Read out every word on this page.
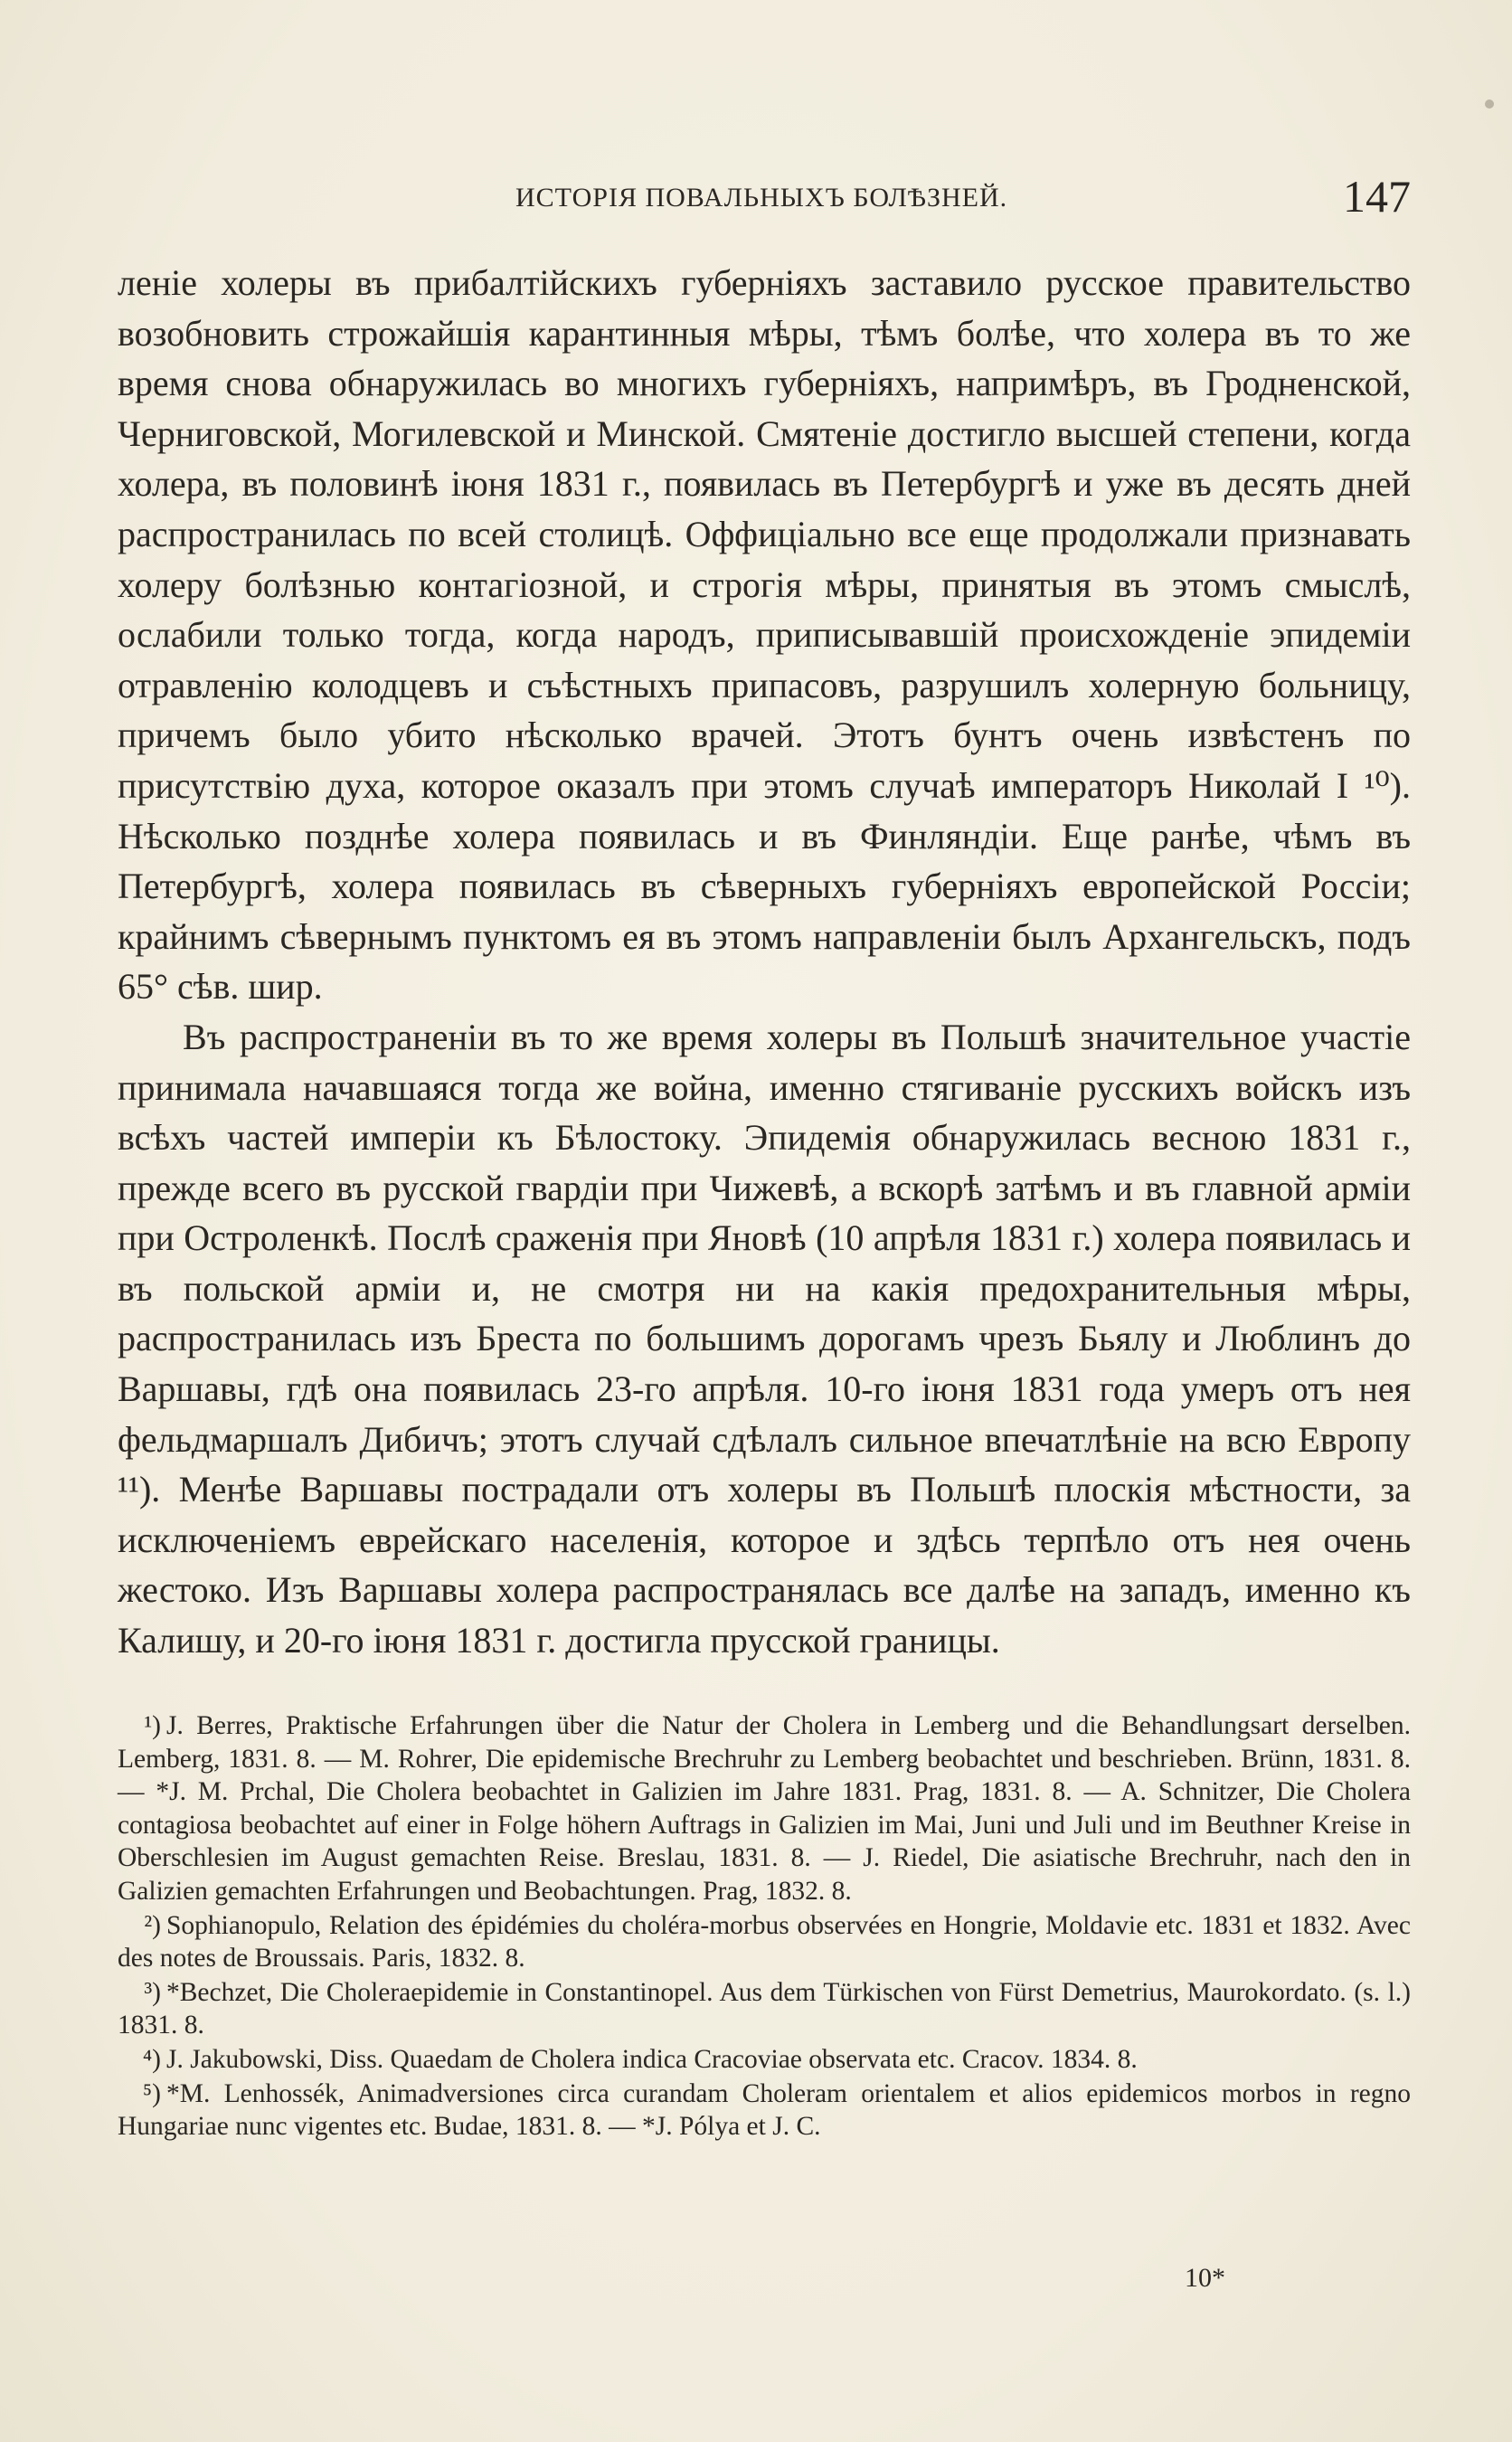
ИСТОРІЯ ПОВАЛЬНЫХЪ БОЛѢЗНЕЙ.	147

леніе холеры въ прибалтійскихъ губерніяхъ заставило русское правительство возобновить строжайшія карантинныя мѣры, тѣмъ болѣе, что холера въ то же время снова обнаружилась во многихъ губерніяхъ, напримѣръ, въ Гродненской, Черниговской, Могилевской и Минской. Смятеніе достигло высшей степени, когда холера, въ половинѣ іюня 1831 г., появилась въ Петербургѣ и уже въ десять дней распространилась по всей столицѣ. Оффиціально все еще продолжали признавать холеру болѣзнью контагіозной, и строгія мѣры, принятыя въ этомъ смыслѣ, ослабили только тогда, когда народъ, приписывавшій происхожденіе эпидеміи отравленію колодцевъ и съѣстныхъ припасовъ, разрушилъ холерную больницу, причемъ было убито нѣсколько врачей. Этотъ бунтъ очень извѣстенъ по присутствію духа, которое оказалъ при этомъ случаѣ императоръ Николай I ¹⁰). Нѣсколько позднѣе холера появилась и въ Финляндіи. Еще ранѣе, чѣмъ въ Петербургѣ, холера появилась въ сѣверныхъ губерніяхъ европейской Россіи; крайнимъ сѣвернымъ пунктомъ ея въ этомъ направленіи былъ Архангельскъ, подъ 65° сѣв. шир.

Въ распространеніи въ то же время холеры въ Польшѣ значительное участіе принимала начавшаяся тогда же война, именно стягиваніе русскихъ войскъ изъ всѣхъ частей имперіи къ Бѣлостоку. Эпидемія обнаружилась весною 1831 г., прежде всего въ русской гвардіи при Чижевѣ, а вскорѣ затѣмъ и въ главной арміи при Остроленкѣ. Послѣ сраженія при Яновѣ (10 апрѣля 1831 г.) холера появилась и въ польской арміи и, не смотря ни на какія предохранительныя мѣры, распространилась изъ Бреста по большимъ дорогамъ чрезъ Бьялу и Люблинъ до Варшавы, гдѣ она появилась 23-го апрѣля. 10-го іюня 1831 года умеръ отъ нея фельдмаршалъ Дибичъ; этотъ случай сдѣлалъ сильное впечатлѣніе на всю Европу ¹¹). Менѣе Варшавы пострадали отъ холеры въ Польшѣ плоскія мѣстности, за исключеніемъ еврейскаго населенія, которое и здѣсь терпѣло отъ нея очень жестоко. Изъ Варшавы холера распространялась все далѣе на западъ, именно къ Калишу, и 20-го іюня 1831 г. достигла прусской границы.

¹) J. Berres, Praktische Erfahrungen über die Natur der Cholera in Lemberg und die Behandlungsart derselben. Lemberg, 1831. 8. — M. Rohrer, Die epidemische Brechruhr zu Lemberg beobachtet und beschrieben. Brünn, 1831. 8. — *J. M. Prchal, Die Cholera beobachtet in Galizien im Jahre 1831. Prag, 1831. 8. — A. Schnitzer, Die Cholera contagiosa beobachtet auf einer in Folge höhern Auftrags in Galizien im Mai, Juni und Juli und im Beuthner Kreise in Oberschlesien im August gemachten Reise. Breslau, 1831. 8. — J. Riedel, Die asiatische Brechruhr, nach den in Galizien gemachten Erfahrungen und Beobachtungen. Prag, 1832. 8.

²) Sophianopulo, Relation des épidémies du choléra-morbus observées en Hongrie, Moldavie etc. 1831 et 1832. Avec des notes de Broussais. Paris, 1832. 8.

³) *Bechzet, Die Choleraepidemie in Constantinopel. Aus dem Türkischen von Fürst Demetrius, Maurokordato. (s. l.) 1831. 8.

⁴) J. Jakubowski, Diss. Quaedam de Cholera indica Cracoviae observata etc. Cracov. 1834. 8.

⁵) *M. Lenhossék, Animadversiones circa curandam Choleram orientalem et alios epidemicos morbos in regno Hungariae nunc vigentes etc. Budae, 1831. 8. — *J. Pólya et J. C.

10*
